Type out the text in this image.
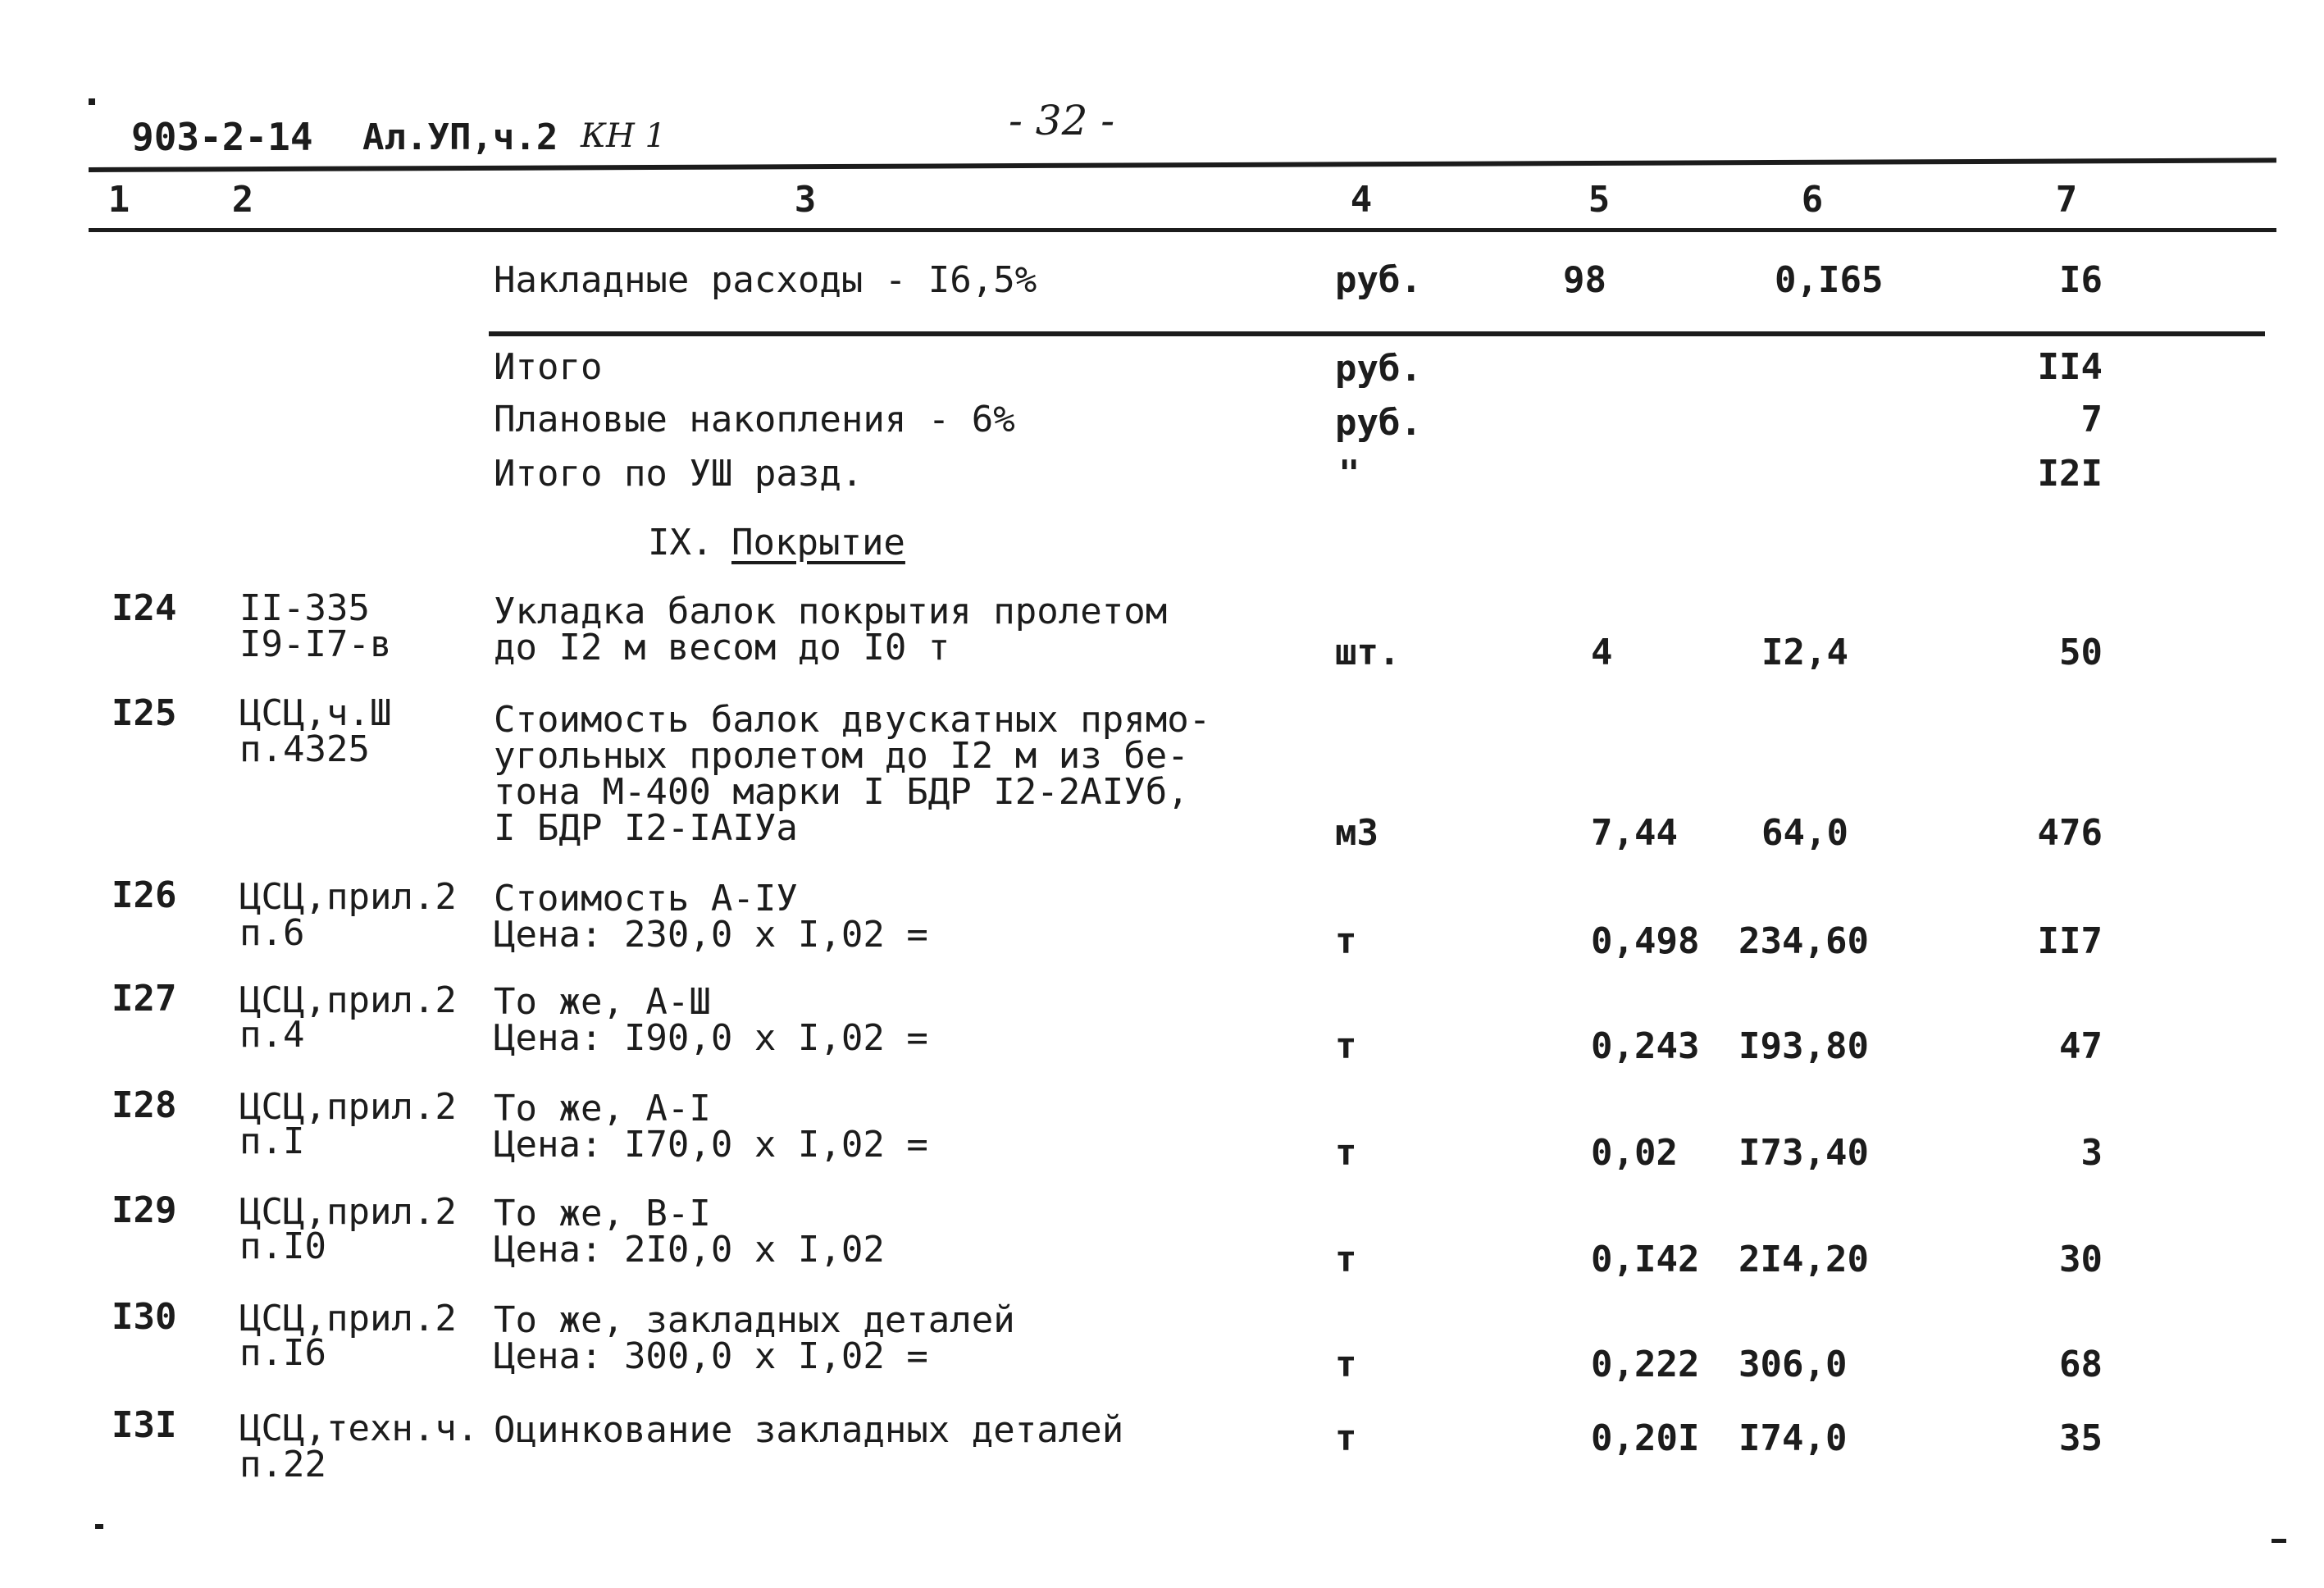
903-2-14 Ал.УП,ч.2 КН 1	- 32 -
1	2	3	4	5	6	7
Накладные расходы - I6,5%	руб.	98	0,I65	I6
Итого	руб.	II4
Плановые накопления - 6%	руб.	7
Итого по УШ разд.	"	I2I
IX. Покрытие
I24 II-335
I9-I7-в
Укладка балок покрытия пролетом
до I2 м весом до I0 т	шт.	4	I2,4	50
I25 ЦСЦ,ч.Ш
п.4325
Стоимость балок двускатных прямо-
угольных пролетом до I2 м из бе-
тона М-400 марки I БДР I2-2АIУб,
I БДР I2-IАIУа	м3	7,44 64,0	476
I26 ЦСЦ,прил.2
п.6
Стоимость А-IУ
Цена: 230,0 х I,02 =	т	0,498 234,60	II7
I27 ЦСЦ,прил.2
п.4
То же, А-Ш
Цена: I90,0 х I,02 =	т	0,243 I93,80	47
I28 ЦСЦ,прил.2
п.I
То же, А-I
Цена: I70,0 х I,02 =	т	0,02 I73,40	3
I29 ЦСЦ,прил.2
п.I0
То же, В-I
Цена: 2I0,0 х I,02	т	0,I42 2I4,20	30
I30 ЦСЦ,прил.2
п.I6
То же, закладных деталей
Цена: 300,0 х I,02 =	т	0,222 306,0	68
I3I ЦСЦ,техн.ч.
п.22
Оцинкование закладных деталей	т	0,20I I74,0	35
